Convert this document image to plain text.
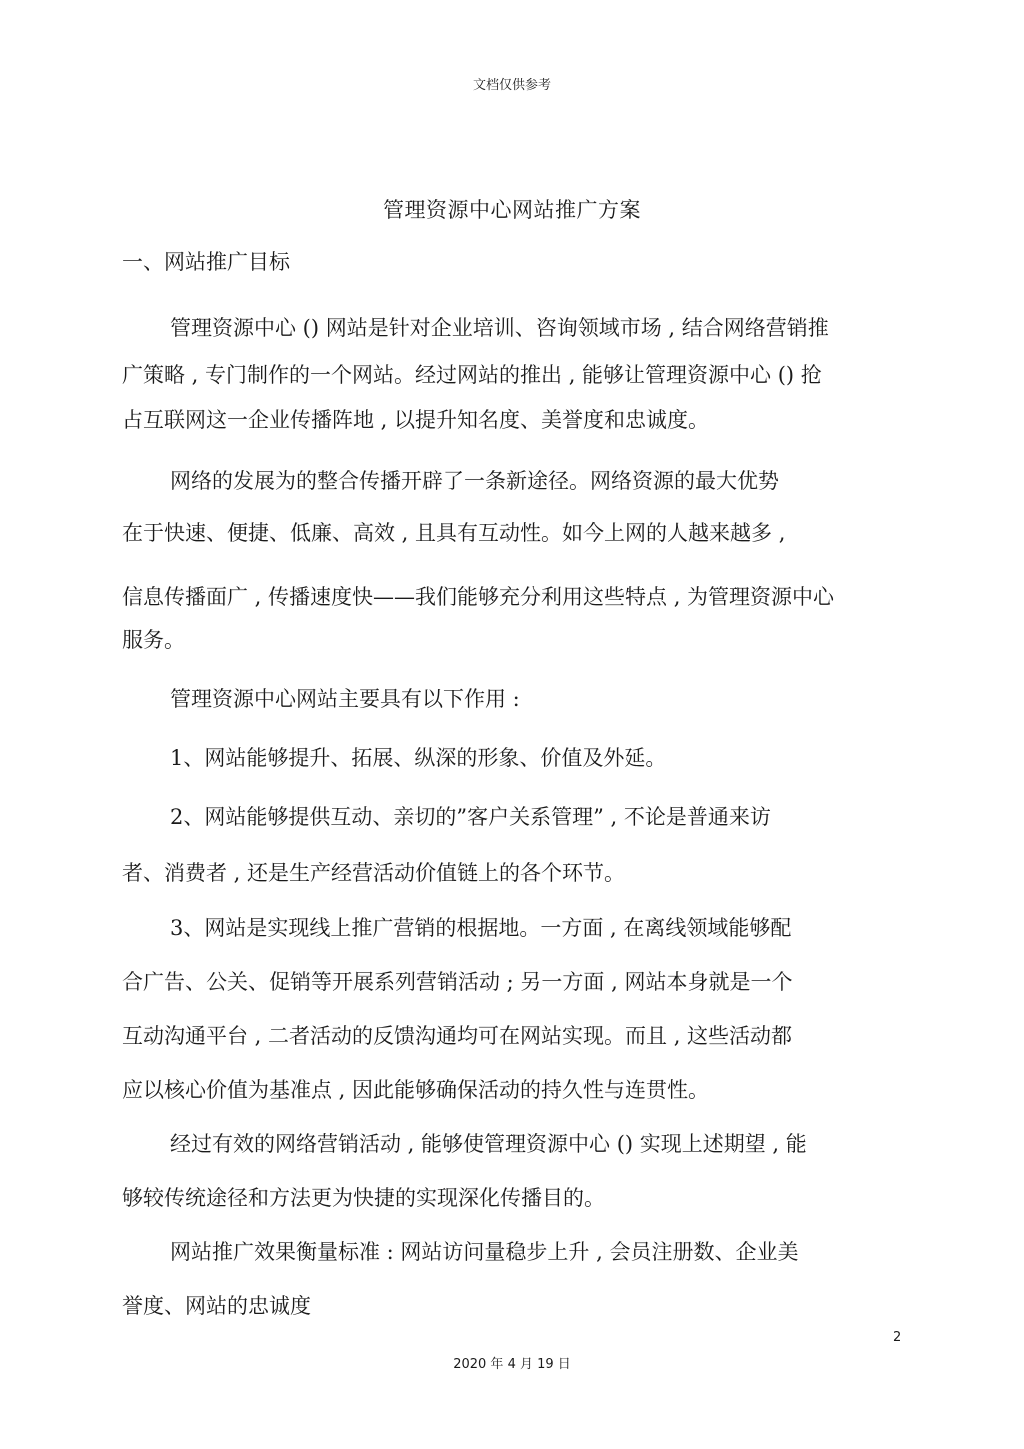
文档仅供参考
管理资源中心网站推广方案
一、网站推广目标
管理资源中心 () 网站是针对企业培训、咨询领域市场 , 结合网络营销推
广策略 , 专门制作的一个网站。经过网站的推出 , 能够让管理资源中心 () 抢
占互联网这一企业传播阵地 , 以提升知名度、美誉度和忠诚度。
网络的发展为的整合传播开辟了一条新途径。网络资源的最大优势
在于快速、便捷、低廉、高效 , 且具有互动性。如今上网的人越来越多 ,
信息传播面广 , 传播速度快——我们能够充分利用这些特点 , 为管理资源中心
服务。
管理资源中心网站主要具有以下作用 :
1、网站能够提升、拓展、纵深的形象、价值及外延。
2、网站能够提供互动、亲切的”客户关系管理” , 不论是普通来访
者、消费者 , 还是生产经营活动价值链上的各个环节。
3、网站是实现线上推广营销的根据地。一方面 , 在离线领域能够配
合广告、公关、促销等开展系列营销活动 ; 另一方面 , 网站本身就是一个
互动沟通平台 , 二者活动的反馈沟通均可在网站实现。而且 , 这些活动都
应以核心价值为基准点 , 因此能够确保活动的持久性与连贯性。
经过有效的网络营销活动 , 能够使管理资源中心 () 实现上述期望 , 能
够较传统途径和方法更为快捷的实现深化传播目的。
网站推广效果衡量标准 : 网站访问量稳步上升 , 会员注册数、企业美
誉度、网站的忠诚度
2
2020 年 4 月 19 日
